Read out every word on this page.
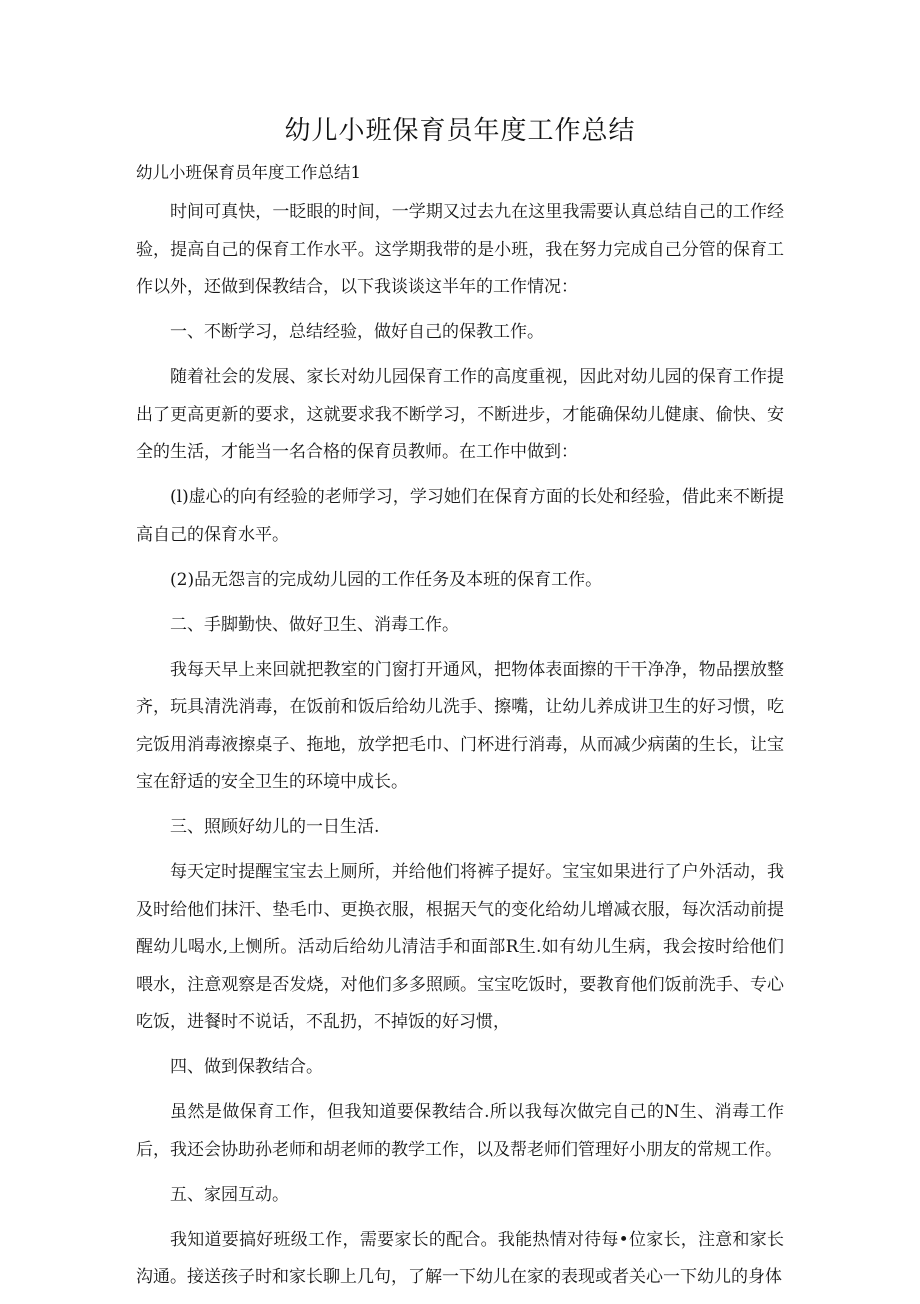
幼儿小班保育员年度工作总结
幼儿小班保育员年度工作总结1

时间可真快，一眨眼的时间，一学期又过去九在这里我需要认真总结自己的工作经验，提高自己的保育工作水平。这学期我带的是小班，我在努力完成自己分管的保育工作以外，还做到保教结合，以下我谈谈这半年的工作情况：

一、不断学习，总结经验，做好自己的保教工作。

随着社会的发展、家长对幼儿园保育工作的高度重视，因此对幼儿园的保育工作提出了更高更新的要求，这就要求我不断学习，不断进步，才能确保幼儿健康、偷快、安全的生活，才能当一名合格的保育员教师。在工作中做到：

(l)虚心的向有经验的老师学习，学习她们在保育方面的长处和经验，借此来不断提高自己的保育水平。

(2)品无怨言的完成幼儿园的工作任务及本班的保育工作。

二、手脚勤快、做好卫生、消毒工作。

我每天早上来回就把教室的门窗打开通风，把物体表面擦的干干净净，物品摆放整齐，玩具清洗消毒，在饭前和饭后给幼儿洗手、擦嘴，让幼儿养成讲卫生的好习惯，吃完饭用消毒液擦桌子、拖地，放学把毛巾、门杯进行消毒，从而减少病菌的生长，让宝宝在舒适的安全卫生的环境中成长。

三、照顾好幼儿的一日生活.

每天定时提醒宝宝去上厕所，并给他们将裤子提好。宝宝如果进行了户外活动，我及时给他们抹汗、垫毛巾、更换衣服，根据天气的变化给幼儿增减衣服，每次活动前提醒幼儿喝水,上恻所。活动后给幼儿清洁手和面部R生.如有幼儿生病，我会按时给他们喂水，注意观察是否发烧，对他们多多照顾。宝宝吃饭时，要教育他们饭前洗手、专心吃饭，进餐时不说话，不乱扔，不掉饭的好习惯，

四、做到保教结合。

虽然是做保育工作，但我知道要保教结合.所以我每次做完自己的N生、消毒工作后，我还会协助孙老师和胡老师的教学工作，以及帮老师们管理好小朋友的常规工作。

五、家园互动。

我知道要搞好班级工作，需要家长的配合。我能热情对待每•位家长，注意和家长沟通。接送孩子时和家长聊上几句，了解一下幼儿在家的表现或者关心一下幼儿的身体
